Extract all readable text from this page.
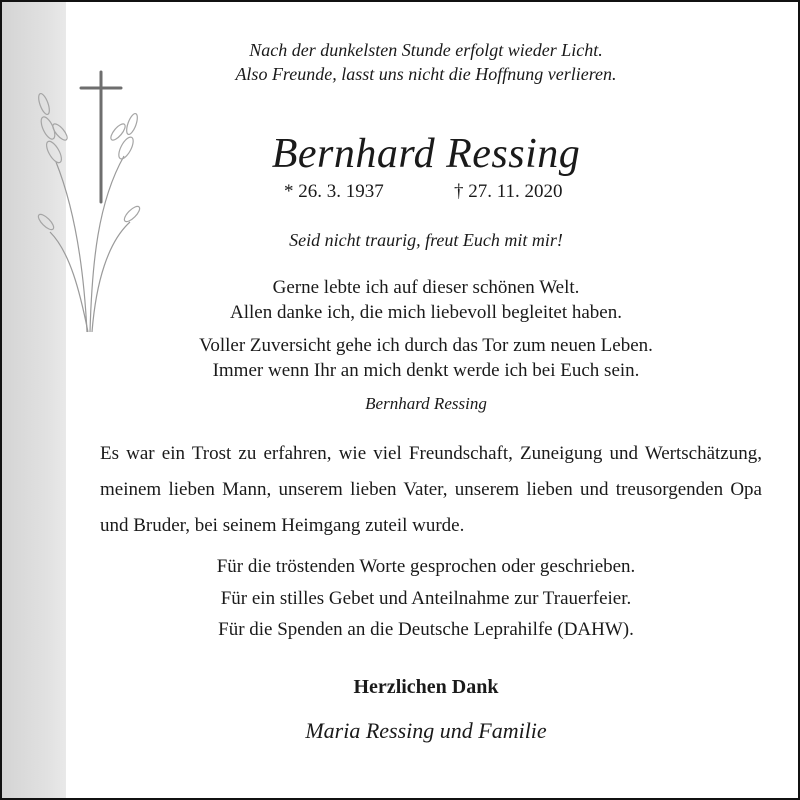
Nach der dunkelsten Stunde erfolgt wieder Licht.
Also Freunde, lasst uns nicht die Hoffnung verlieren.
Bernhard Ressing
* 26. 3. 1937	† 27. 11. 2020
Seid nicht traurig, freut Euch mit mir!
Gerne lebte ich auf dieser schönen Welt.
Allen danke ich, die mich liebevoll begleitet haben.
Voller Zuversicht gehe ich durch das Tor zum neuen Leben.
Immer wenn Ihr an mich denkt werde ich bei Euch sein.
Bernhard Ressing
Es war ein Trost zu erfahren, wie viel Freundschaft, Zuneigung und Wertschätzung, meinem lieben Mann, unserem lieben Vater, unserem lieben und treusorgenden Opa und Bruder, bei seinem Heimgang zuteil wurde.
Für die tröstenden Worte gesprochen oder geschrieben.
Für ein stilles Gebet und Anteilnahme zur Trauerfeier.
Für die Spenden an die Deutsche Leprahilfe (DAHW).
Herzlichen Dank
Maria Ressing und Familie
